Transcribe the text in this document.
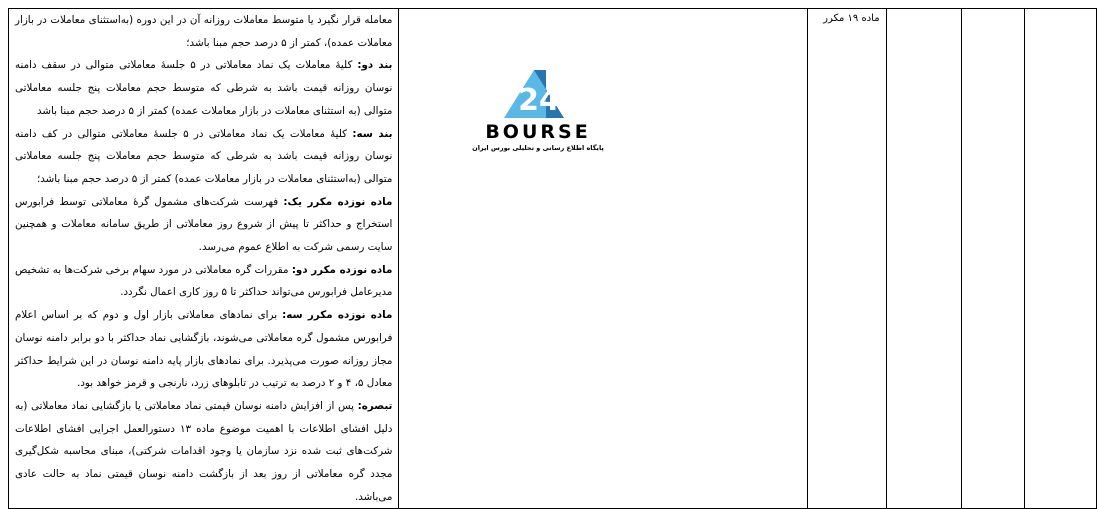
ماده ۱۹ مکرر

معامله قرار نگیرد یا متوسط معاملات روزانه آن در این دوره (به‌استثنای معاملات در بازار معاملات عمده)، کمتر از ۵ درصد حجم مبنا باشد؛

بند دو: کلیهٔ معاملات یک نماد معاملاتی در ۵ جلسهٔ معاملاتی متوالی در سقف دامنه نوسان روزانه قیمت باشد به شرطی که متوسط حجم معاملات پنج جلسه معاملاتی متوالی (به استثنای معاملات در بازار معاملات عمده) کمتر از ۵ درصد حجم مبنا باشد

بند سه: کلیهٔ معاملات یک نماد معاملاتی در ۵ جلسهٔ معاملاتی متوالی در کف دامنه نوسان روزانه قیمت باشد به شرطی که متوسط حجم معاملات پنج جلسه معاملاتی متوالی (به‌استثنای معاملات در بازار معاملات عمده) کمتر از ۵ درصد حجم مبنا باشد؛

ماده نوزده مکرر یک: فهرست شرکت‌های مشمول گرهٔ معاملاتی توسط فرابورس استخراج و حداکثر تا پیش از شروع روز معاملاتی از طریق سامانه معاملات و همچنین سایت رسمی شرکت به اطلاع عموم می‌رسد.

ماده نوزده مکرر دو: مقررات گره معاملاتی در مورد سهام برخی شرکت‌ها به تشخیص مدیرعامل فرابورس می‌تواند حداکثر تا ۵ روز کاری اعمال نگردد.

ماده نوزده مکرر سه: برای نمادهای معاملاتی بازار اول و دوم که بر اساس اعلام فرابورس مشمول گره معاملاتی می‌شوند، بازگشایی نماد حداکثر با دو برابر دامنه نوسان مجاز روزانه صورت می‌پذیرد. برای نمادهای بازار پایه دامنه نوسان در این شرایط حداکثر معادل ۵، ۴ و ۲ درصد به ترتیب در تابلوهای زرد، نارنجی و قرمز خواهد بود.

تبصره: پس از افزایش دامنه نوسان قیمتی نماد معاملاتی یا بازگشایی نماد معاملاتی (به دلیل افشای اطلاعات با اهمیت موضوع ماده ۱۳ دستورالعمل اجرایی افشای اطلاعات شرکت‌های ثبت شده نزد سازمان یا وجود اقدامات شرکتی)، مبنای محاسبه شکل‌گیری مجدد گره معاملاتی از روز بعد از بازگشت دامنه نوسان قیمتی نماد به حالت عادی می‌باشد.

24
BOURSE
پایگاه اطلاع رسانی و تحلیلی بورس ایران
